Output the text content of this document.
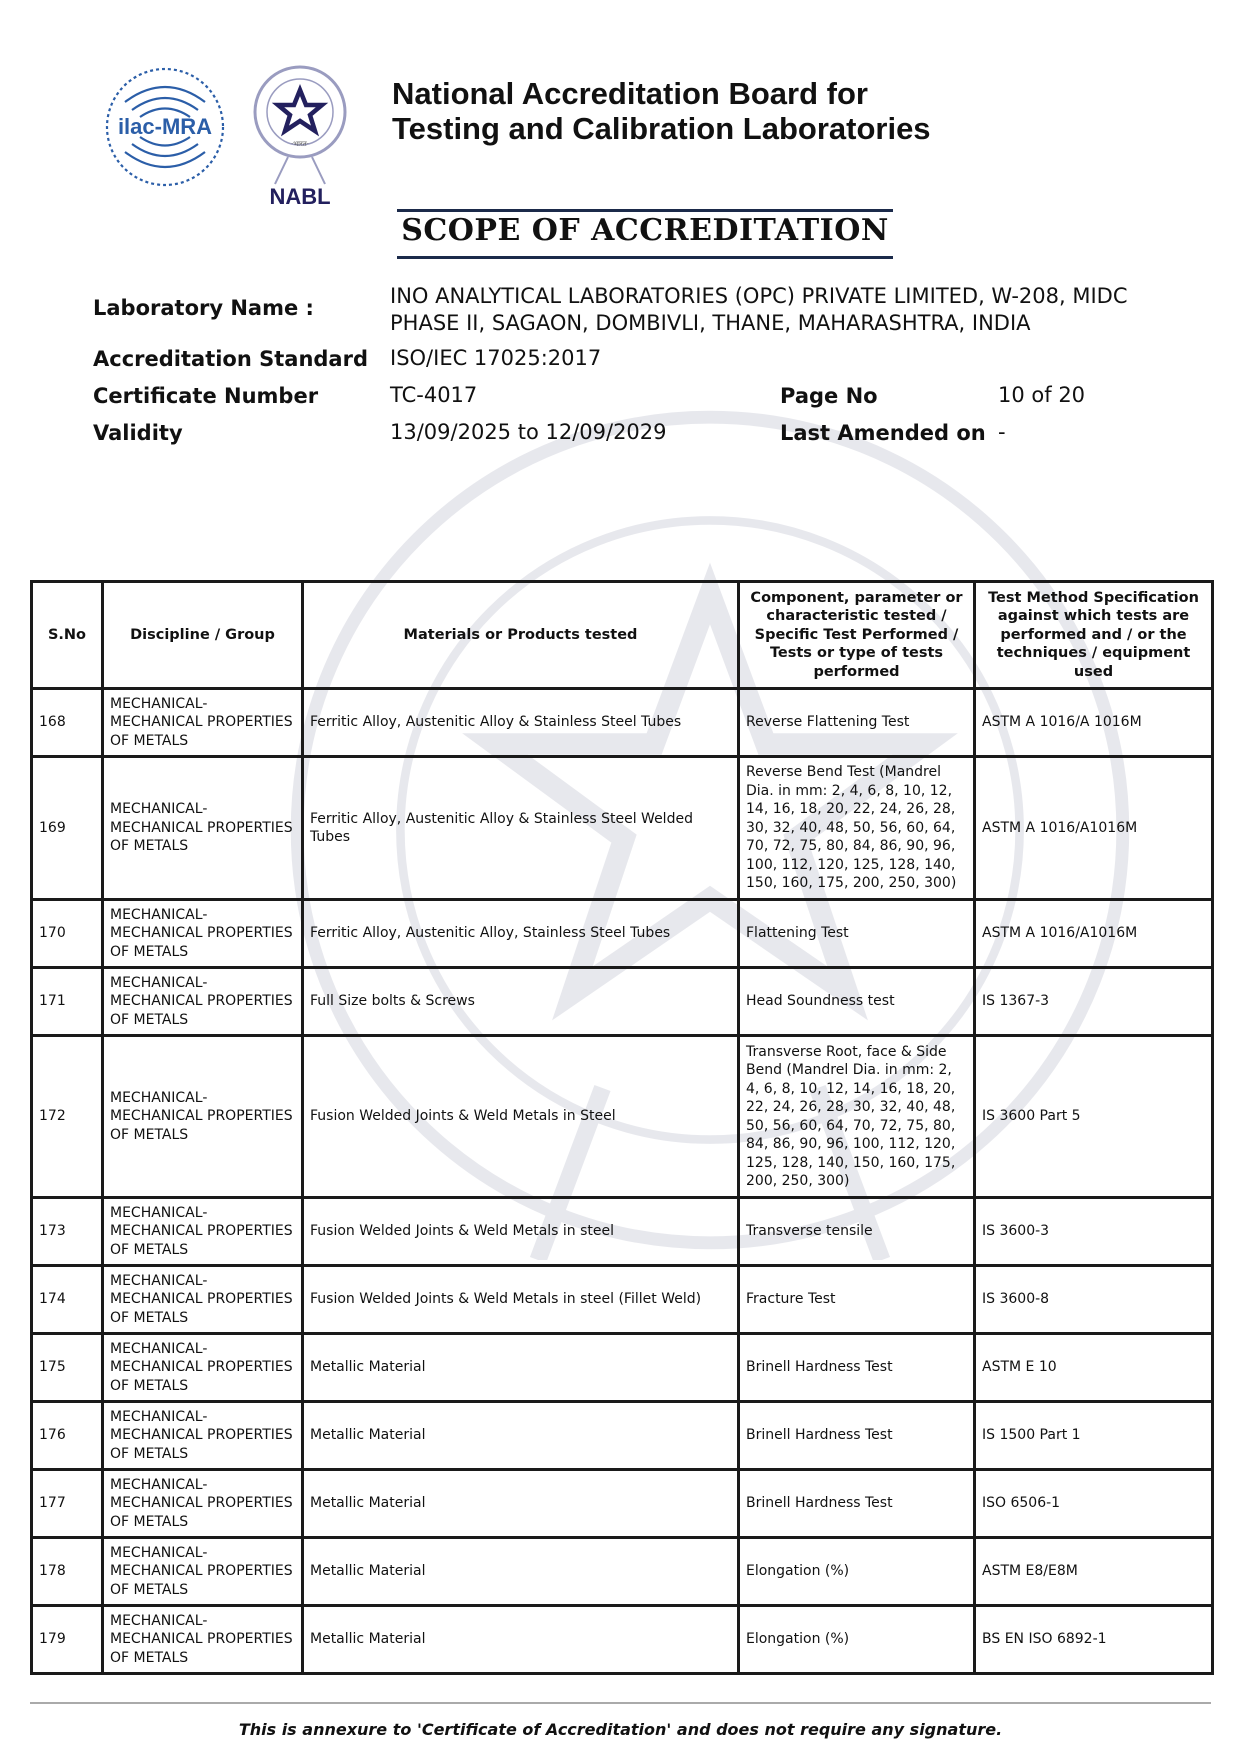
ilac-MRA
·भारत·
NABL
National Accreditation Board for
Testing and Calibration Laboratories
SCOPE OF ACCREDITATION
Laboratory Name :	INO ANALYTICAL LABORATORIES (OPC) PRIVATE LIMITED, W-208, MIDC
PHASE II, SAGAON, DOMBIVLI, THANE, MAHARASHTRA, INDIA
Accreditation Standard ISO/IEC 17025:2017
Certificate Number	TC-4017	Page No	10 of 20
Validity	13/09/2025 to 12/09/2029	Last Amended on -
S.No	Discipline / Group	Materials or Products tested	Component, parameter or characteristic tested / Specific Test Performed / Tests or type of tests performed	Test Method Specification against which tests are performed and / or the techniques / equipment used
168	MECHANICAL- MECHANICAL PROPERTIES OF METALS	Ferritic Alloy, Austenitic Alloy & Stainless Steel Tubes	Reverse Flattening Test	ASTM A 1016/A 1016M
169	MECHANICAL- MECHANICAL PROPERTIES OF METALS	Ferritic Alloy, Austenitic Alloy & Stainless Steel Welded Tubes	Reverse Bend Test (Mandrel Dia. in mm: 2, 4, 6, 8, 10, 12, 14, 16, 18, 20, 22, 24, 26, 28, 30, 32, 40, 48, 50, 56, 60, 64, 70, 72, 75, 80, 84, 86, 90, 96, 100, 112, 120, 125, 128, 140, 150, 160, 175, 200, 250, 300)	ASTM A 1016/A1016M
170	MECHANICAL- MECHANICAL PROPERTIES OF METALS	Ferritic Alloy, Austenitic Alloy, Stainless Steel Tubes	Flattening Test	ASTM A 1016/A1016M
171	MECHANICAL- MECHANICAL PROPERTIES OF METALS	Full Size bolts & Screws	Head Soundness test	IS 1367-3
172	MECHANICAL- MECHANICAL PROPERTIES OF METALS	Fusion Welded Joints & Weld Metals in Steel	Transverse Root, face & Side Bend (Mandrel Dia. in mm: 2, 4, 6, 8, 10, 12, 14, 16, 18, 20, 22, 24, 26, 28, 30, 32, 40, 48, 50, 56, 60, 64, 70, 72, 75, 80, 84, 86, 90, 96, 100, 112, 120, 125, 128, 140, 150, 160, 175, 200, 250, 300)	IS 3600 Part 5
173	MECHANICAL- MECHANICAL PROPERTIES OF METALS	Fusion Welded Joints & Weld Metals in steel	Transverse tensile	IS 3600-3
174	MECHANICAL- MECHANICAL PROPERTIES OF METALS	Fusion Welded Joints & Weld Metals in steel (Fillet Weld)	Fracture Test	IS 3600-8
175	MECHANICAL- MECHANICAL PROPERTIES OF METALS	Metallic Material	Brinell Hardness Test	ASTM E 10
176	MECHANICAL- MECHANICAL PROPERTIES OF METALS	Metallic Material	Brinell Hardness Test	IS 1500 Part 1
177	MECHANICAL- MECHANICAL PROPERTIES OF METALS	Metallic Material	Brinell Hardness Test	ISO 6506-1
178	MECHANICAL- MECHANICAL PROPERTIES OF METALS	Metallic Material	Elongation (%)	ASTM E8/E8M
179	MECHANICAL- MECHANICAL PROPERTIES OF METALS	Metallic Material	Elongation (%)	BS EN ISO 6892-1
This is annexure to 'Certificate of Accreditation' and does not require any signature.
